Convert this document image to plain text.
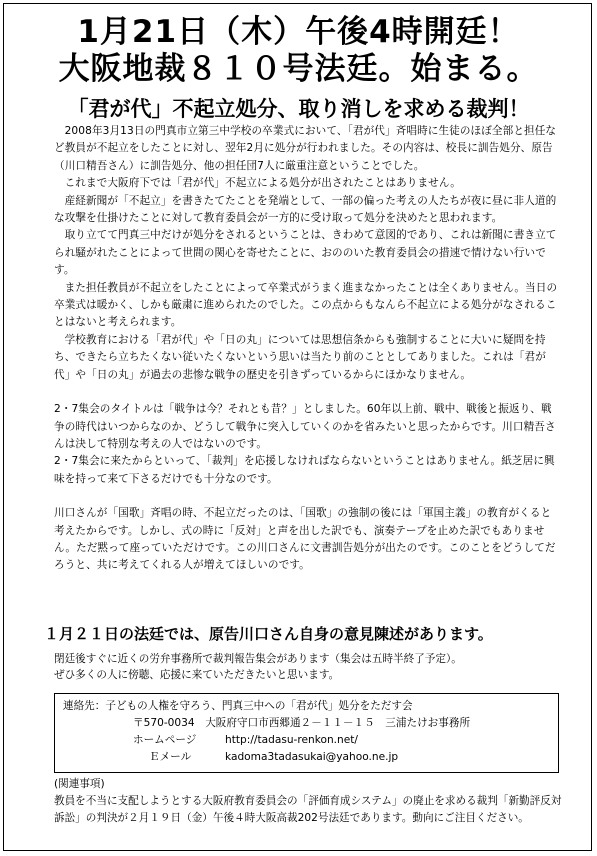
1月21日（木）午後4時開廷！
大阪地裁８１０号法廷。始まる。
「君が代」不起立処分、取り消しを求める裁判！

2008年3月13日の門真市立第三中学校の卒業式において、「君が代」斉唱時に生徒のほぼ全部と担任など教員が不起立をしたことに対し、翌年2月に処分が行われました。その内容は、校長に訓告処分、原告（川口精吾さん）に訓告処分、他の担任団7人に厳重注意ということでした。

これまで大阪府下では「君が代」不起立による処分が出されたことはありません。

産経新聞が「不起立」を書きたてたことを発端として、一部の偏った考えの人たちが夜に昼に非人道的な攻撃を仕掛けたことに対して教育委員会が一方的に受け取って処分を決めたと思われます。

取り立てて門真三中だけが処分をされるということは、きわめて意図的であり、これは新聞に書き立てられ騒がれたことによって世間の関心を寄せたことに、おののいた教育委員会の措速で情けない行いです。

また担任教員が不起立をしたことによって卒業式がうまく進まなかったことは全くありません。当日の卒業式は暖かく、しかも厳粛に進められたのでした。この点からもなんら不起立による処分がなされることはないと考えられます。

学校教育における「君が代」や「日の丸」については思想信条からも強制することに大いに疑問を持ち、できたら立ちたくない従いたくないという思いは当たり前のこととしてありました。これは「君が代」や「日の丸」が過去の悲惨な戦争の歴史を引きずっているからにほかなりません。

2・7集会のタイトルは「戦争は今？それとも昔？」としました。60年以上前、戦中、戦後と振返り、戦争の時代はいつからなのか、どうして戦争に突入していくのかを省みたいと思ったからです。川口精吾さんは決して特別な考えの人ではないのです。

2・7集会に来たからといって、「裁判」を応援しなければならないということはありません。紙芝居に興味を持って来て下さるだけでも十分なのです。

川口さんが「国歌」斉唱の時、不起立だったのは、「国歌」の強制の後には「軍国主義」の教育がくると考えたからです。しかし、式の時に「反対」と声を出した訳でも、演奏テープを止めた訳でもありません。ただ黙って座っていただけです。この川口さんに文書訓告処分が出たのです。このことをどうしてだろうと、共に考えてくれる人が増えてほしいのです。

１月２１日の法廷では、原告川口さん自身の意見陳述があります。
閉廷後すぐに近くの労弁事務所で裁判報告集会があります（集会は五時半終了予定）。
ぜひ多くの人に傍聴、応援に来ていただきたいと思います。
連絡先：子どもの人権を守ろう、門真三中への「君が代」処分をただす会
〒570-0034　大阪府守口市西郷通２－１１－１５　三浦たけお事務所
ホームページ	http://tadasu-renkon.net/
Ｅメール	kadoma3tadasukai@yahoo.ne.jp
(関連事項)
教員を不当に支配しようとする大阪府教育委員会の「評価育成システム」の廃止を求める裁判「新勤評反対訴訟」の判決が２月１９日（金）午後４時大阪高裁202号法廷であります。動向にご注目ください。
